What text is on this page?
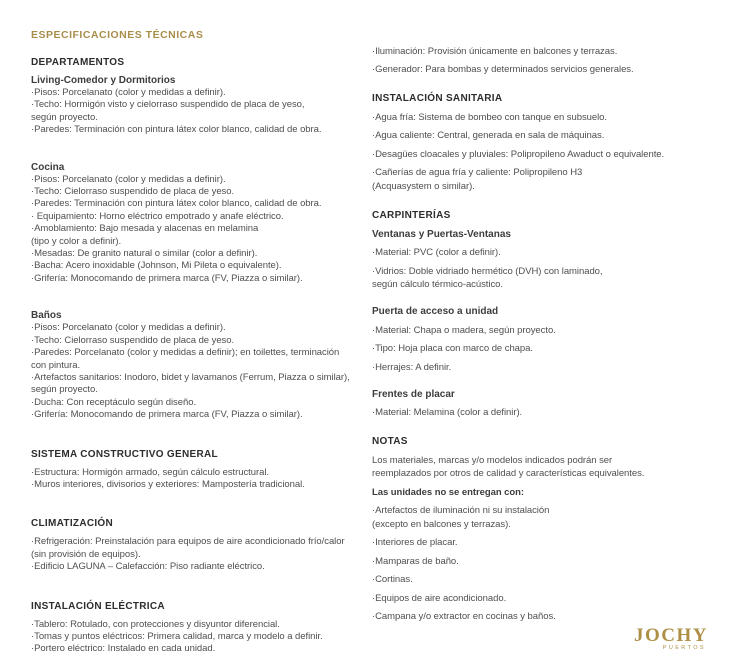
ESPECIFICACIONES TÉCNICAS
DEPARTAMENTOS
Living-Comedor y Dormitorios
·Pisos: Porcelanato (color y medidas a definir).
·Techo: Hormigón visto y cielorraso suspendido de placa de yeso,
según proyecto.
·Paredes: Terminación con pintura látex color blanco, calidad de obra.
Cocina
·Pisos: Porcelanato (color y medidas a definir).
·Techo: Cielorraso suspendido de placa de yeso.
·Paredes: Terminación con pintura látex color blanco, calidad de obra.
· Equipamiento: Horno eléctrico empotrado y anafe eléctrico.
·Amoblamiento: Bajo mesada y alacenas en melamina
(tipo y color a definir).
·Mesadas: De granito natural o similar (color a definir).
·Bacha: Acero inoxidable (Johnson, Mi Pileta o equivalente).
·Grifería: Monocomando de primera marca (FV, Piazza o similar).
Baños
·Pisos: Porcelanato (color y medidas a definir).
·Techo: Cielorraso suspendido de placa de yeso.
·Paredes: Porcelanato (color y medidas a definir); en toilettes, terminación
con pintura.
·Artefactos sanitarios: Inodoro, bidet y lavamanos (Ferrum, Piazza o similar),
según proyecto.
·Ducha: Con receptáculo según diseño.
·Grifería: Monocomando de primera marca (FV, Piazza o similar).
SISTEMA CONSTRUCTIVO GENERAL
·Estructura: Hormigón armado, según cálculo estructural.
·Muros interiores, divisorios y exteriores: Mampostería tradicional.
CLIMATIZACIÓN
·Refrigeración: Preinstalación para equipos de aire acondicionado frío/calor
(sin provisión de equipos).
·Edificio LAGUNA – Calefacción: Piso radiante eléctrico.
INSTALACIÓN ELÉCTRICA
·Tablero: Rotulado, con protecciones y disyuntor diferencial.
·Tomas y puntos eléctricos: Primera calidad, marca y modelo a definir.
·Portero eléctrico: Instalado en cada unidad.
·Iluminación: Provisión únicamente en balcones y terrazas.
·Generador: Para bombas y determinados servicios generales.
INSTALACIÓN SANITARIA
·Agua fría: Sistema de bombeo con tanque en subsuelo.
·Agua caliente: Central, generada en sala de máquinas.
·Desagües cloacales y pluviales: Polipropileno Awaduct o equivalente.
·Cañerías de agua fría y caliente: Polipropileno H3
(Acquasystem o similar).
CARPINTERÍAS
Ventanas y Puertas-Ventanas
·Material: PVC (color a definir).
·Vidrios: Doble vidriado hermético (DVH) con laminado,
según cálculo térmico-acústico.
Puerta de acceso a unidad
·Material: Chapa o madera, según proyecto.
·Tipo: Hoja placa con marco de chapa.
·Herrajes: A definir.
Frentes de placar
·Material: Melamina (color a definir).
NOTAS
Los materiales, marcas y/o modelos indicados podrán ser
reemplazados por otros de calidad y características equivalentes.
Las unidades no se entregan con:
·Artefactos de iluminación ni su instalación
(excepto en balcones y terrazas).
·Interiores de placar.
·Mamparas de baño.
·Cortinas.
·Equipos de aire acondicionado.
·Campana y/o extractor en cocinas y baños.
JOCHY
PUERTOS
